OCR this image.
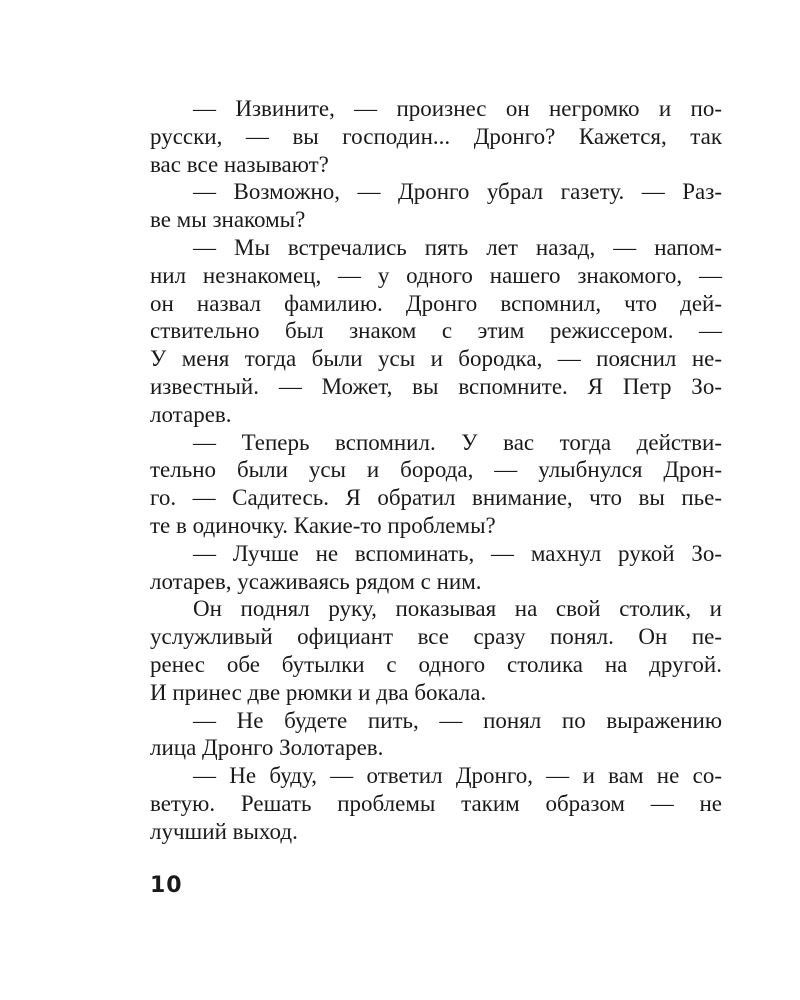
— Извините, — произнес он негромко и по-
русски, — вы господин... Дронго? Кажется, так
вас все называют?
— Возможно, — Дронго убрал газету. — Раз-
ве мы знакомы?
— Мы встречались пять лет назад, — напом-
нил незнакомец, — у одного нашего знакомого, —
он назвал фамилию. Дронго вспомнил, что дей-
ствительно был знаком с этим режиссером. —
У меня тогда были усы и бородка, — пояснил не-
известный. — Может, вы вспомните. Я Петр Зо-
лотарев.
— Теперь вспомнил. У вас тогда действи-
тельно были усы и борода, — улыбнулся Дрон-
го. — Садитесь. Я обратил внимание, что вы пье-
те в одиночку. Какие-то проблемы?
— Лучше не вспоминать, — махнул рукой Зо-
лотарев, усаживаясь рядом с ним.
Он поднял руку, показывая на свой столик, и
услужливый официант все сразу понял. Он пе-
ренес обе бутылки с одного столика на другой.
И принес две рюмки и два бокала.
— Не будете пить, — понял по выражению
лица Дронго Золотарев.
— Не буду, — ответил Дронго, — и вам не со-
ветую. Решать проблемы таким образом — не
лучший выход.
10
